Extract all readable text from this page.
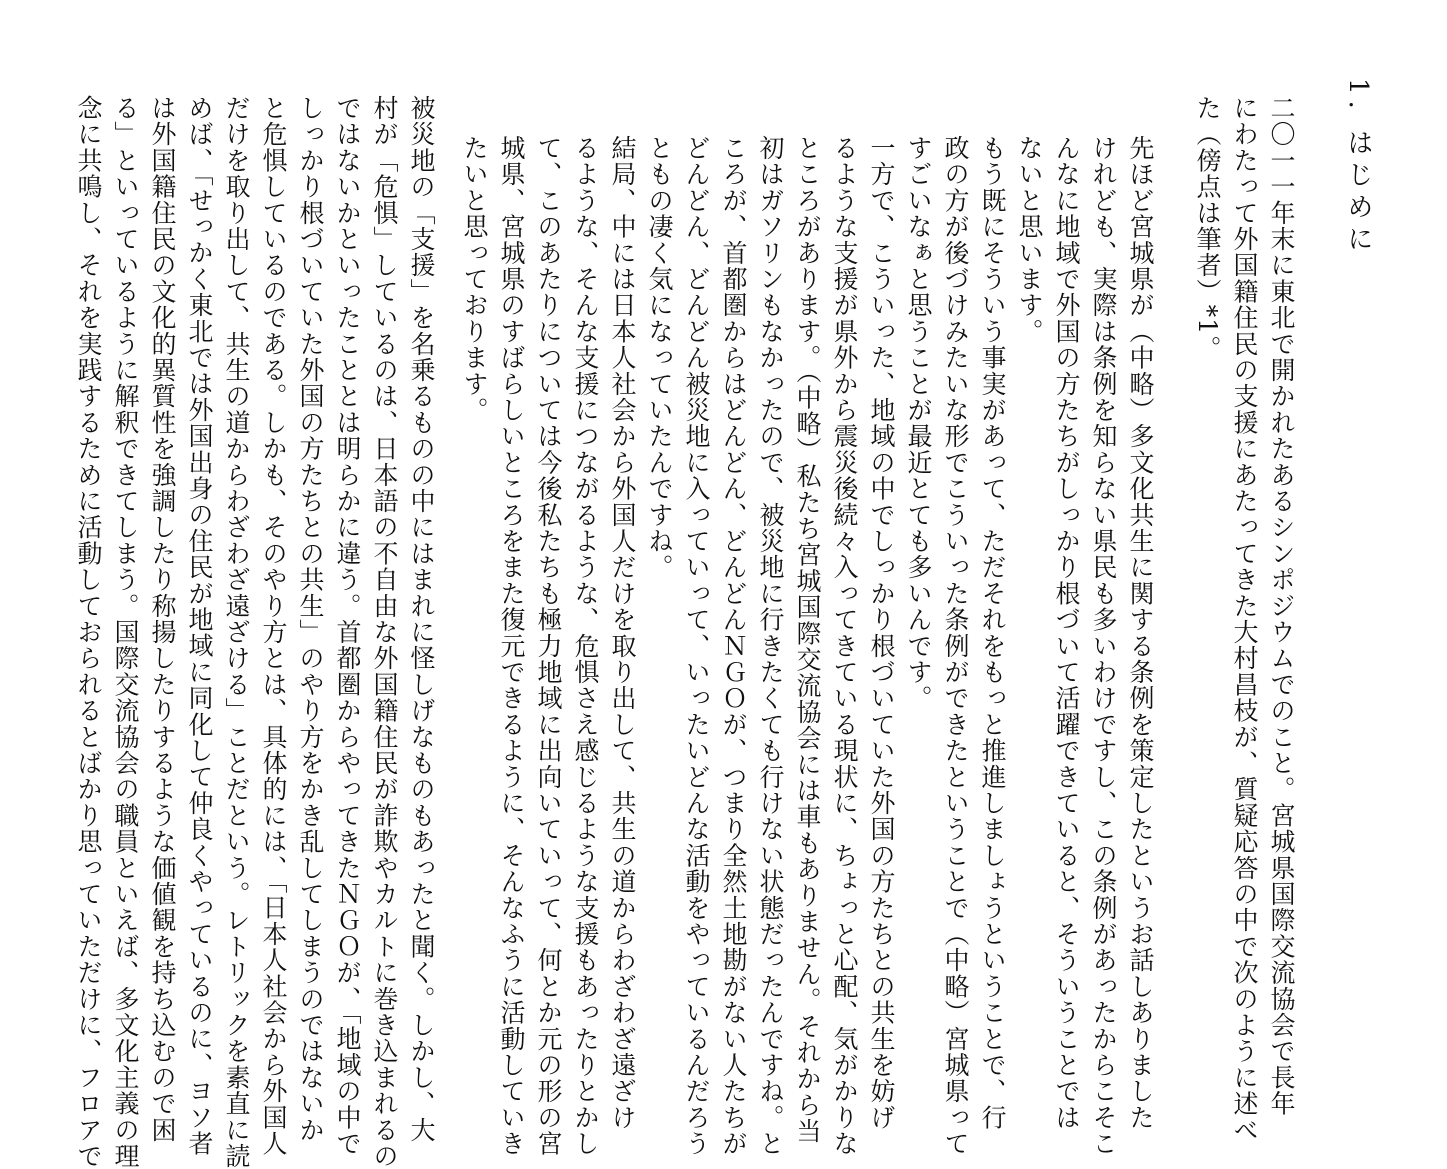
1. はじめに
二〇一一年末に東北で開かれたあるシンポジウムでのこと。宮城県国際交流協会で長年
にわたって外国籍住民の支援にあたってきた大村昌枝が、質疑応答の中で次のように述べ
た（傍点は筆者）*1。
先ほど宮城県が（中略）多文化共生に関する条例を策定したというお話しありました
けれども、実際は条例を知らない県民も多いわけですし、この条例があったからこそこ
んなに地域で外国の方たちがしっかり根づいて活躍できていると、そういうことでは
ないと思います。
もう既にそういう事実があって、ただそれをもっと推進しましょうということで、行
政の方が後づけみたいな形でこういった条例ができたということで（中略）宮城県って
すごいなぁと思うことが最近とても多いんです。
一方で、こういった、地域の中でしっかり根づいていた外国の方たちとの共生を妨げ
るような支援が県外から震災後続々入ってきている現状に、ちょっと心配、気がかりな
ところがあります。（中略）私たち宮城国際交流協会には車もありません。それから当
初はガソリンもなかったので、被災地に行きたくても行けない状態だったんですね。と
ころが、首都圏からはどんどん、どんどんＮＧＯが、つまり全然土地勘がない人たちが
どんどん、どんどん被災地に入っていって、いったいどんな活動をやっているんだろう
ともの凄く気になっていたんですね。
結局、中には日本人社会から外国人だけを取り出して、共生の道からわざわざ遠ざけ
るような、そんな支援につながるような、危惧さえ感じるような支援もあったりとかし
て、このあたりについては今後私たちも極力地域に出向いていって、何とか元の形の宮
城県、宮城県のすばらしいところをまた復元できるように、そんなふうに活動していき
たいと思っております。
被災地の「支援」を名乗るものの中にはまれに怪しげなものもあったと聞く。しかし、大
村が「危惧」しているのは、日本語の不自由な外国籍住民が詐欺やカルトに巻き込まれるの
ではないかといったこととは明らかに違う。首都圏からやってきたＮＧＯが、「地域の中で
しっかり根づいていた外国の方たちとの共生」のやり方をかき乱してしまうのではないか
と危惧しているのである。しかも、そのやり方とは、具体的には、「日本人社会から外国人
だけを取り出して、共生の道からわざわざ遠ざける」ことだという。レトリックを素直に読
めば、「せっかく東北では外国出身の住民が地域に同化して仲良くやっているのに、ヨソ者
は外国籍住民の文化的異質性を強調したり称揚したりするような価値観を持ち込むので困
る」といっているように解釈できてしまう。国際交流協会の職員といえば、多文化主義の理
念に共鳴し、それを実践するために活動しておられるとばかり思っていただけに、フロアで
